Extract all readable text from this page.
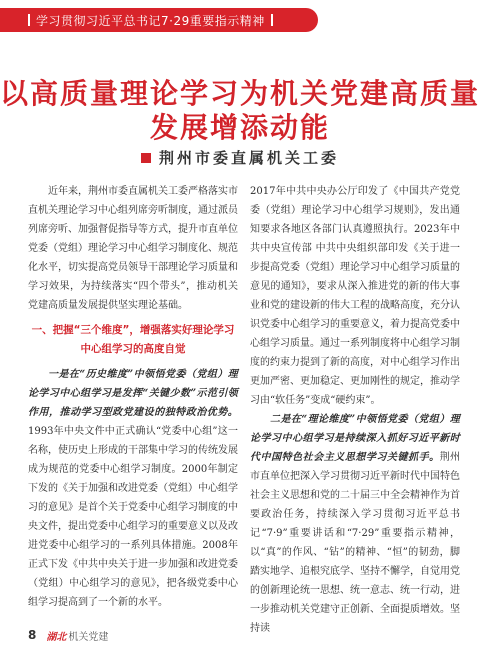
学习贯彻习近平总书记7·29重要指示精神
以高质量理论学习为机关党建高质量
发展增添动能
荆州市委直属机关工委

近年来，荆州市委直属机关工委严格落实市直机关理论学习中心组列席旁听制度，通过派员列席旁听、加强督促指导等方式，提升市直单位党委（党组）理论学习中心组学习制度化、规范化水平，切实提高党员领导干部理论学习质量和学习效果，为持续落实“四个带头”，推动机关党建高质量发展提供坚实理论基础。

一、把握“三个维度”，增强落实好理论学习中心组学习的高度自觉

一是在“历史维度”中领悟党委（党组）理论学习中心组学习是发挥“关键少数”示范引领作用，推动学习型政党建设的独特政治优势。1993年中央文件中正式确认“党委中心组”这一名称，使历史上形成的干部集中学习的传统发展成为规范的党委中心组学习制度。2000年制定下发的《关于加强和改进党委（党组）中心组学习的意见》是首个关于党委中心组学习制度的中央文件，提出党委中心组学习的重要意义以及改进党委中心组学习的一系列具体措施。2008年正式下发《中共中央关于进一步加强和改进党委（党组）中心组学习的意见》，把各级党委中心组学习提高到了一个新的水平。

2017年中共中央办公厅印发了《中国共产党党委（党组）理论学习中心组学习规则》，发出通知要求各地区各部门认真遵照执行。2023年中共中央宣传部 中共中央组织部印发《关于进一步提高党委（党组）理论学习中心组学习质量的意见的通知》，要求从深入推进党的新的伟大事业和党的建设新的伟大工程的战略高度，充分认识党委中心组学习的重要意义，着力提高党委中心组学习质量。通过一系列制度将中心组学习制度的约束力提到了新的高度，对中心组学习作出更加严密、更加稳定、更加刚性的规定，推动学习由“软任务”变成“硬约束”。

二是在“理论维度”中领悟党委（党组）理论学习中心组学习是持续深入抓好习近平新时代中国特色社会主义思想学习关键抓手。荆州市直单位把深入学习贯彻习近平新时代中国特色社会主义思想和党的二十届三中全会精神作为首要政治任务，持续深入学习贯彻习近平总书记“7·9”重要讲话和“7·29”重要指示精神，以“真”的作风、“钻”的精神、“恒”的韧劲，脚踏实地学、追根究底学、坚持不懈学，自觉用党的创新理论统一思想、统一意志、统一行动，进一步推动机关党建守正创新、全面提质增效。坚持读

8 湖北 机关党建
